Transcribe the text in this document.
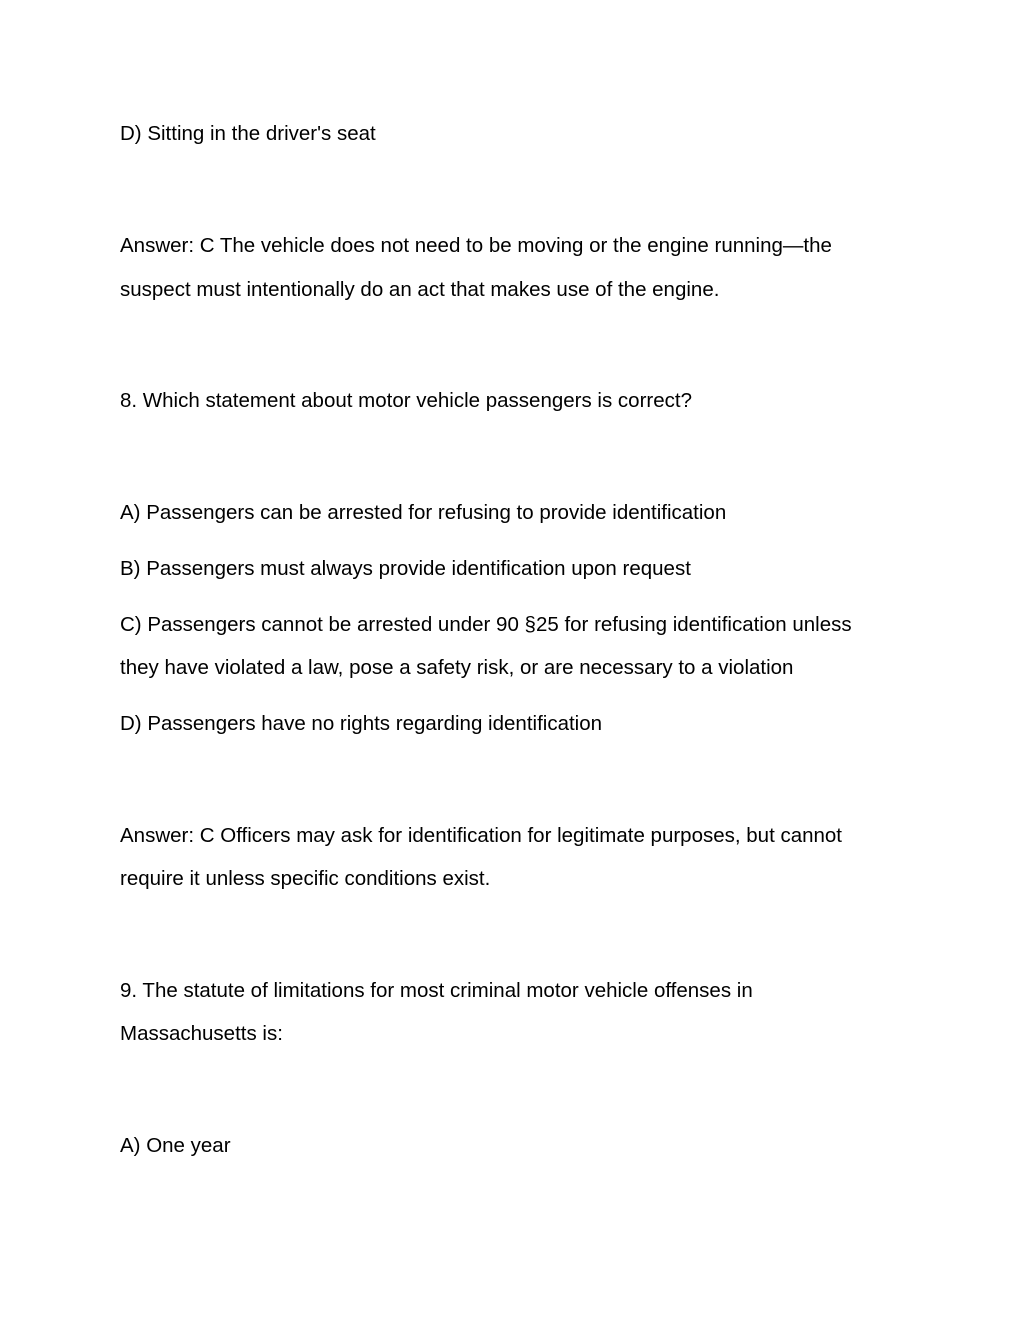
D) Sitting in the driver's seat
Answer: C The vehicle does not need to be moving or the engine running—the
suspect must intentionally do an act that makes use of the engine.
8. Which statement about motor vehicle passengers is correct?
A) Passengers can be arrested for refusing to provide identification
B) Passengers must always provide identification upon request
C) Passengers cannot be arrested under 90 §25 for refusing identification unless
they have violated a law, pose a safety risk, or are necessary to a violation
D) Passengers have no rights regarding identification
Answer: C Officers may ask for identification for legitimate purposes, but cannot
require it unless specific conditions exist.
9. The statute of limitations for most criminal motor vehicle offenses in
Massachusetts is:
A) One year
